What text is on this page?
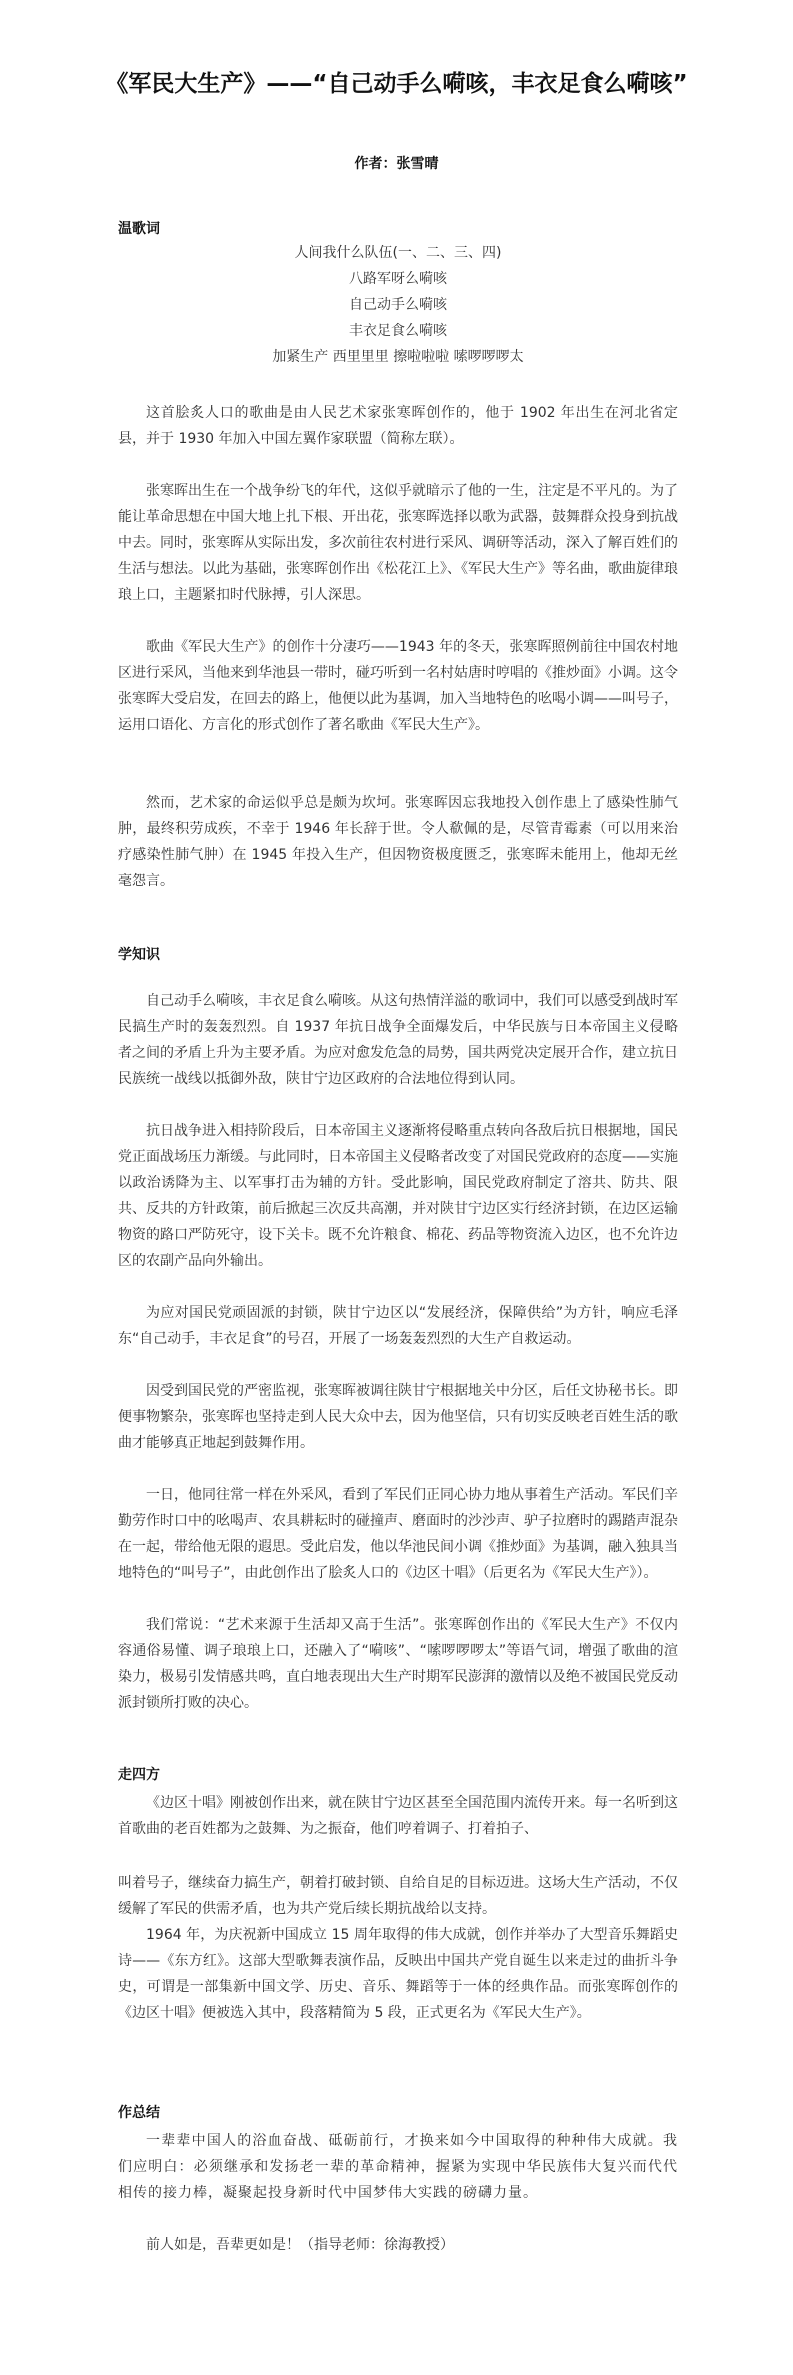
《军民大生产》——“自己动手么嗬咳，丰衣足食么嗬咳”
作者：张雪晴
温歌词
人间我什么队伍(一、二、三、四)
八路军呀么嗬咳
自己动手么嗬咳
丰衣足食么嗬咳
加紧生产 西里里里 擦啦啦啦 嗦啰啰啰太
这首脍炙人口的歌曲是由人民艺术家张寒晖创作的，他于 1902 年出生在河北省定县，并于 1930 年加入中国左翼作家联盟（简称左联）。
张寒晖出生在一个战争纷飞的年代，这似乎就暗示了他的一生，注定是不平凡的。为了能让革命思想在中国大地上扎下根、开出花，张寒晖选择以歌为武器，鼓舞群众投身到抗战中去。同时，张寒晖从实际出发，多次前往农村进行采风、调研等活动，深入了解百姓们的生活与想法。以此为基础，张寒晖创作出《松花江上》、《军民大生产》等名曲，歌曲旋律琅琅上口，主题紧扣时代脉搏，引人深思。
歌曲《军民大生产》的创作十分凄巧——1943 年的冬天，张寒晖照例前往中国农村地区进行采风，当他来到华池县一带时，碰巧听到一名村姑唐时哼唱的《推炒面》小调。这令张寒晖大受启发，在回去的路上，他便以此为基调，加入当地特色的吆喝小调——叫号子，运用口语化、方言化的形式创作了著名歌曲《军民大生产》。
然而，艺术家的命运似乎总是颇为坎坷。张寒晖因忘我地投入创作患上了感染性肺气肿，最终积劳成疾，不幸于 1946 年长辞于世。令人欷佩的是，尽管青霉素（可以用来治疗感染性肺气肿）在 1945 年投入生产，但因物资极度匮乏，张寒晖未能用上，他却无丝毫怨言。
学知识
自己动手么嗬咳，丰衣足食么嗬咳。从这句热情洋溢的歌词中，我们可以感受到战时军民搞生产时的轰轰烈烈。自 1937 年抗日战争全面爆发后，中华民族与日本帝国主义侵略者之间的矛盾上升为主要矛盾。为应对愈发危急的局势，国共两党决定展开合作，建立抗日民族统一战线以抵御外敌，陕甘宁边区政府的合法地位得到认同。
抗日战争进入相持阶段后，日本帝国主义逐渐将侵略重点转向各敌后抗日根据地，国民党正面战场压力渐缓。与此同时，日本帝国主义侵略者改变了对国民党政府的态度——实施以政治诱降为主、以军事打击为辅的方针。受此影响，国民党政府制定了溶共、防共、限共、反共的方针政策，前后掀起三次反共高潮，并对陕甘宁边区实行经济封锁，在边区运输物资的路口严防死守，设下关卡。既不允许粮食、棉花、药品等物资流入边区，也不允许边区的农副产品向外输出。
为应对国民党顽固派的封锁，陕甘宁边区以“发展经济，保障供给”为方针，响应毛泽东“自己动手，丰衣足食”的号召，开展了一场轰轰烈烈的大生产自救运动。
因受到国民党的严密监视，张寒晖被调往陕甘宁根据地关中分区，后任文协秘书长。即便事物繁杂，张寒晖也坚持走到人民大众中去，因为他坚信，只有切实反映老百姓生活的歌曲才能够真正地起到鼓舞作用。
一日，他同往常一样在外采风，看到了军民们正同心协力地从事着生产活动。军民们辛勤劳作时口中的吆喝声、农具耕耘时的碰撞声、磨面时的沙沙声、驴子拉磨时的踢踏声混杂在一起，带给他无限的遐思。受此启发，他以华池民间小调《推炒面》为基调，融入独具当地特色的“叫号子”，由此创作出了脍炙人口的《边区十唱》（后更名为《军民大生产》）。
我们常说：“艺术来源于生活却又高于生活”。张寒晖创作出的《军民大生产》不仅内容通俗易懂、调子琅琅上口，还融入了“嗬咳”、“嗦啰啰啰太”等语气词，增强了歌曲的渲染力，极易引发情感共鸣，直白地表现出大生产时期军民澎湃的激情以及绝不被国民党反动派封锁所打败的决心。
走四方
《边区十唱》刚被创作出来，就在陕甘宁边区甚至全国范围内流传开来。每一名听到这首歌曲的老百姓都为之鼓舞、为之振奋，他们哼着调子、打着拍子、
叫着号子，继续奋力搞生产，朝着打破封锁、自给自足的目标迈进。这场大生产活动，不仅缓解了军民的供需矛盾，也为共产党后续长期抗战给以支持。
1964 年，为庆祝新中国成立 15 周年取得的伟大成就，创作并举办了大型音乐舞蹈史诗——《东方红》。这部大型歌舞表演作品，反映出中国共产党自诞生以来走过的曲折斗争史，可谓是一部集新中国文学、历史、音乐、舞蹈等于一体的经典作品。而张寒晖创作的《边区十唱》便被选入其中，段落精简为 5 段，正式更名为《军民大生产》。
作总结
一辈辈中国人的浴血奋战、砥砺前行，才换来如今中国取得的种种伟大成就。我们应明白：必须继承和发扬老一辈的革命精神，握紧为实现中华民族伟大复兴而代代相传的接力棒，凝聚起投身新时代中国梦伟大实践的磅礴力量。
前人如是，吾辈更如是！（指导老师：徐海教授）
